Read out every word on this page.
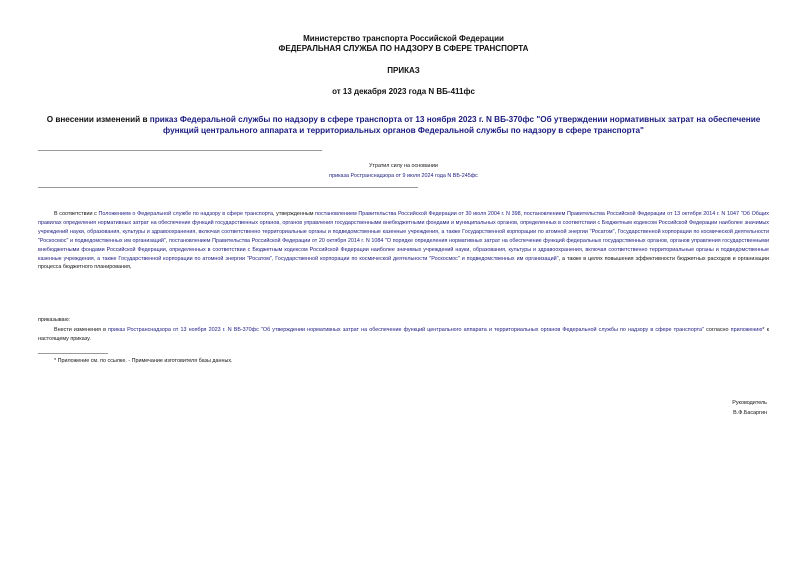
Министерство транспорта Российской Федерации
ФЕДЕРАЛЬНАЯ СЛУЖБА ПО НАДЗОРУ В СФЕРЕ ТРАНСПОРТА
ПРИКАЗ
от 13 декабря 2023 года N ВБ-411фс
О внесении изменений в приказ Федеральной службы по надзору в сфере транспорта от 13 ноября 2023 г. N ВБ-370фс "Об утверждении нормативных затрат на обеспечение функций центрального аппарата и территориальных органов Федеральной службы по надзору в сфере транспорта"
Утратил силу на основании
приказа Ространснадзора от 9 июля 2024 года N ВБ-245фс
В соответствии с Положением о Федеральной службе по надзору в сфере транспорта, утвержденным постановлением Правительства Российской Федерации от 30 июля 2004 г. N 398, постановлением Правительства Российской Федерации от 13 октября 2014 г. N 1047 "Об Общих правилах определения нормативных затрат на обеспечение функций государственных органов, органов управления государственными внебюджетными фондами и муниципальных органов, определенных в соответствии с Бюджетным кодексом Российской Федерации наиболее значимых учреждений науки, образования, культуры и здравоохранения, включая соответственно территориальные органы и подведомственные казенные учреждения, а также Государственной корпорации по атомной энергии "Росатом", Государственной корпорации по космической деятельности "Роскосмос" и подведомственных им организаций", постановлением Правительства Российской Федерации от 20 октября 2014 г. N 1084 "О порядке определения нормативных затрат на обеспечение функций федеральных государственных органов, органов управления государственными внебюджетными фондами Российской Федерации, определенных в соответствии с Бюджетным кодексом Российской Федерации наиболее значимых учреждений науки, образования, культуры и здравоохранения, включая соответственно территориальные органы и подведомственные казенные учреждения, а также Государственной корпорации по атомной энергии "Росатом", Государственной корпорации по космической деятельности "Роскосмос" и подведомственных им организаций", а также в целях повышения эффективности бюджетных расходов и организации процесса бюджетного планирования,
приказываю:
Внести изменения в приказ Ространснадзора от 13 ноября 2023 г. N ВБ-370фс "Об утверждении нормативных затрат на обеспечение функций центрального аппарата и территориальных органов Федеральной службы по надзору в сфере транспорта" согласно приложению* к настоящему приказу.
* Приложение см. по ссылке. - Примечание изготовителя базы данных.
Руководитель
В.Ф.Басаргин
